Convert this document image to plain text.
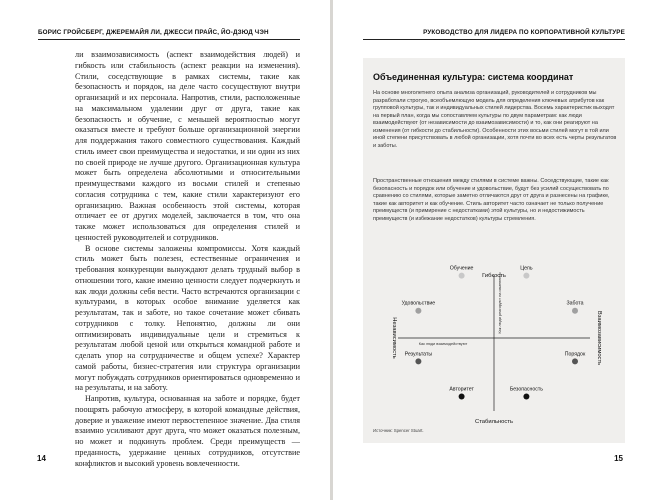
БОРИС ГРОЙСБЕРГ, ДЖЕРЕМАЙЯ ЛИ, ДЖЕССИ ПРАЙС, ЙО-ДЗЮД ЧЭН

ли взаимозависимость (аспект взаимодействия людей) и гибкость или стабильность (аспект реакции на изменения). Стили, соседствующие в рамках системы, такие как безопасность и порядок, на деле часто сосуществуют внутри организаций и их персонала. Напротив, стили, расположенные на максимальном удалении друг от друга, такие как безопасность и обучение, с меньшей вероятностью могут оказаться вместе и требуют больше организационной энергии для поддержания такого совместного существования. Каждый стиль имеет свои преимущества и недостатки, и ни один из них по своей природе не лучше другого. Организационная культура может быть определена абсолютными и относительными преимуществами каждого из восьми стилей и степенью согласия сотрудника с тем, какие стили характеризуют его организацию. Важная особенность этой системы, которая отличает ее от других моделей, заключается в том, что она также может использоваться для определения стилей и ценностей руководителей и сотрудников.

В основе системы заложены компромиссы. Хотя каждый стиль может быть полезен, естественные ограничения и требования конкуренции вынуждают делать трудный выбор в отношении того, какие именно ценности следует подчеркнуть и как люди должны себя вести. Часто встречаются организации с культурами, в которых особое внимание уделяется как результатам, так и заботе, но такое сочетание может сбивать сотрудников с толку. Непонятно, должны ли они оптимизировать индивидуальные цели и стремиться к результатам любой ценой или открыться командной работе и сделать упор на сотрудничестве и общем успехе? Характер самой работы, бизнес-стратегия или структура организации могут побуждать сотрудников ориентироваться одновременно и на результаты, и на заботу.

Напротив, культура, основанная на заботе и порядке, будет поощрять рабочую атмосферу, в которой командные действия, доверие и уважение имеют первостепенное значение. Два стиля взаимно усиливают друг друга, что может оказаться полезным, но может и подкинуть проблем. Среди преимуществ — преданность, удержание ценных сотрудников, отсутствие конфликтов и высокий уровень вовлеченности.

14
РУКОВОДСТВО ДЛЯ ЛИДЕРА ПО КОРПОРАТИВНОЙ КУЛЬТУРЕ
Объединенная культура: система координат
На основе многолетнего опыта анализа организаций, руководителей и сотрудников мы разработали строгую, всеобъемлющую модель для определения ключевых атрибутов как групповой культуры, так и индивидуальных стилей лидерства. Восемь характеристик выходят на первый план, когда мы сопоставляем культуры по двум параметрам: как люди взаимодействуют (от независимости до взаимозависимости) и то, как они реагируют на изменения (от гибкости до стабильности). Особенности этих восьми стилей могут в той или иной степени присутствовать в любой организации, хотя почти во всех есть черты результатов и заботы.
Пространственные отношения между стилями в системе важны. Соседствующие, такие как безопасность и порядок или обучение и удовольствие, будут без усилий сосуществовать по сравнению со стилями, которые заметно отличаются друг от друга и разнесены на графике, такие как авторитет и как обучение. Стиль авторитет часто означает не только получение преимуществ (и примирение с недостатками) этой культуры, но и недостижимость преимуществ (и избежание недостатков) культуры стремления.
Обучение	Цель
Удовольствие	Забота
Результаты	Порядок
Авторитет	Безопасность
Гибкость
Стабильность
Независимость	Взаимозависимость
Как люди реагируют на изменения
Как люди взаимодействуют
Источник: Spencer Stuart.
15
